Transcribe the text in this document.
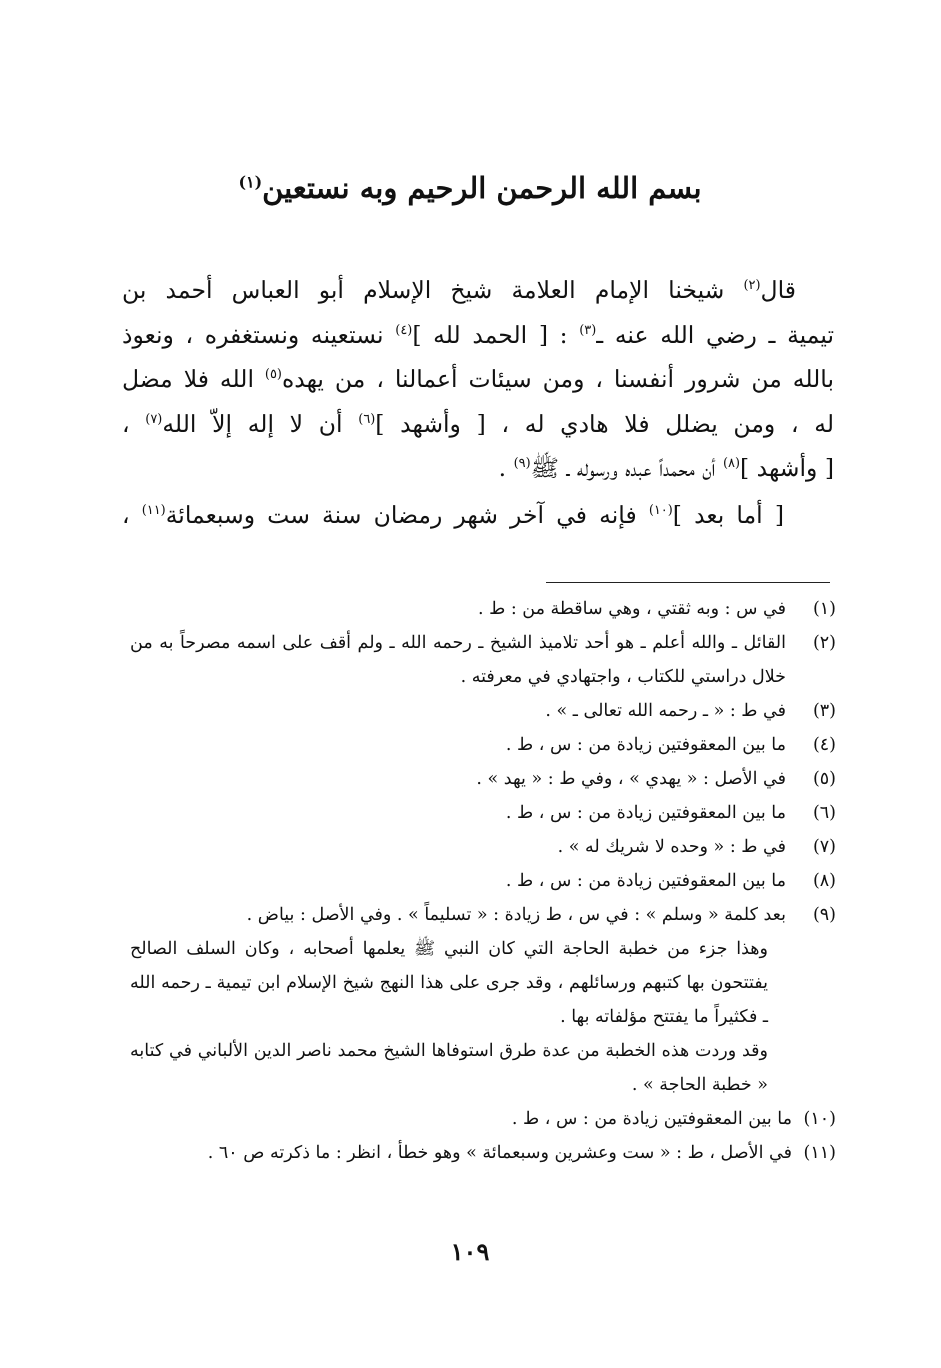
بسم الله الرحمن الرحيم وبه نستعين$^{(١)}$

قال$^{(٢)}$ شيخنا الإمام العلامة شيخ الإسلام أبو العباس أحمد بن
تيمية ـ رضي الله عنه ـ$^{(٣)}$ : [ الحمد لله ]$^{(٤)}$ نستعينه ونستغفره ، ونعوذ
بالله من شرور أنفسنا ، ومن سيئات أعمالنا ، من يهده$^{(٥)}$ الله فلا مضل
له ، ومن يضلل فلا هادي له ، [ وأشهد ]$^{(٦)}$ أن لا إله إلاّ الله$^{(٧)}$ ،
[ وأشهد ]$^{(٨)}$ أن محمداً عبده ورسوله ـ ﷺ$^{(٩)}$ .

[ أما بعد ]$^{(١٠)}$ فإنه في آخر شهر رمضان سنة ست وسبعمائة$^{(١١)}$ ،

(١)
في س : وبه ثقتي ، وهي ساقطة من : ط .
(٢)
القائل ـ والله أعلم ـ هو أحد تلاميذ الشيخ ـ رحمه الله ـ ولم أقف على اسمه مصرحاً به من خلال دراستي للكتاب ، واجتهادي في معرفته .
(٣)
في ط : « ـ رحمه الله تعالى ـ » .
(٤)
ما بين المعقوفتين زيادة من : س ، ط .
(٥)
في الأصل : « يهدي » ، وفي ط : « يهد » .
(٦)
ما بين المعقوفتين زيادة من : س ، ط .
(٧)
في ط : « وحده لا شريك له » .
(٨)
ما بين المعقوفتين زيادة من : س ، ط .
(٩)
بعد كلمة « وسلم » : في س ، ط زيادة : « تسليماً » . وفي الأصل : بياض .
وهذا جزء من خطبة الحاجة التي كان النبي ﷺ يعلمها أصحابه ، وكان السلف الصالح يفتتحون بها كتبهم ورسائلهم ، وقد جرى على هذا النهج شيخ الإسلام ابن تيمية ـ رحمه الله ـ فكثيراً ما يفتتح مؤلفاته بها .
وقد وردت هذه الخطبة من عدة طرق استوفاها الشيخ محمد ناصر الدين الألباني في كتابه « خطبة الحاجة » .
(١٠)
ما بين المعقوفتين زيادة من : س ، ط .
(١١)
في الأصل ، ط : « ست وعشرين وسبعمائة » وهو خطأ ، انظر : ما ذكرته ص ٦٠ .
١٠٩
